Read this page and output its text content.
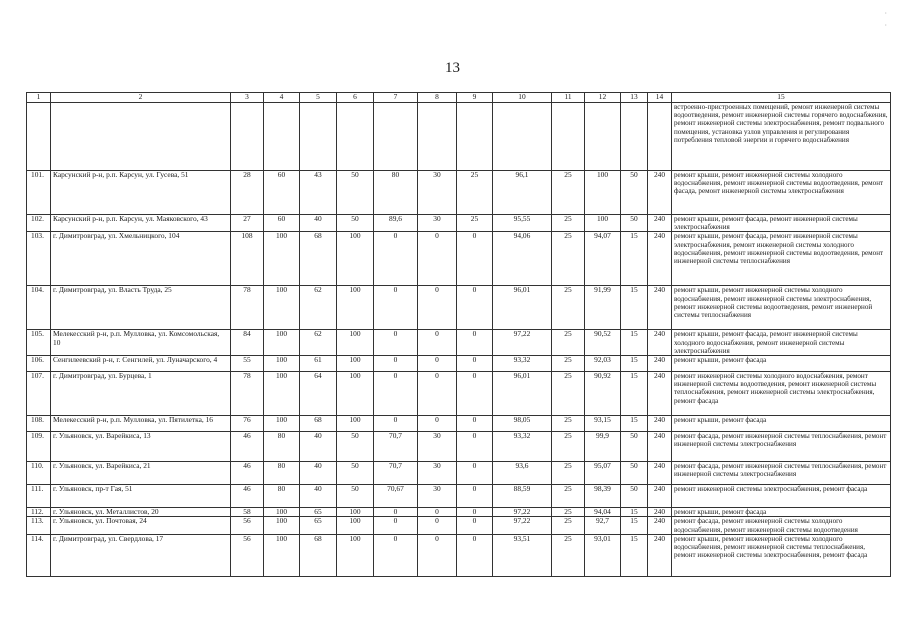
13
1	2	3	4	5	6	7	8	9	10	11	12	13	14	15
														встроенно-пристроенных помещений, ремонт инженерной системы водоотведения, ремонт инженерной системы горячего водоснабжения, ремонт инженерной системы электроснабжения, ремонт подвального помещения, установка узлов управления и регулирования потребления тепловой энергии и горячего водоснабжения
101.	Карсунский р-н, р.п. Карсун, ул. Гусева, 51	28	60	43	50	80	30	25	96,1	25	100	50	240	ремонт крыши, ремонт инженерной системы холодного водоснабжения, ремонт инженерной системы водоотведения, ремонт фасада, ремонт инженерной системы электроснабжения
102.	Карсунский р-н, р.п. Карсун, ул. Маяковского, 43	27	60	40	50	89,6	30	25	95,55	25	100	50	240	ремонт крыши, ремонт фасада, ремонт инженерной системы электроснабжения
103.	г. Димитровград, ул. Хмельницкого, 104	108	100	68	100	0	0	0	94,06	25	94,07	15	240	ремонт крыши, ремонт фасада, ремонт инженерной системы электроснабжения, ремонт инженерной системы холодного водоснабжения, ремонт инженерной системы водоотведения, ремонт инженерной системы теплоснабжения
104.	г. Димитровград, ул. Власть Труда, 25	78	100	62	100	0	0	0	96,01	25	91,99	15	240	ремонт крыши, ремонт инженерной системы холодного водоснабжения, ремонт инженерной системы электроснабжения, ремонт инженерной системы водоотведения, ремонт инженерной системы теплоснабжения
105.	Мелекесский р-н, р.п. Мулловка, ул. Комсомольская, 10	84	100	62	100	0	0	0	97,22	25	90,52	15	240	ремонт крыши, ремонт фасада, ремонт инженерной системы холодного водоснабжения, ремонт инженерной системы электроснабжения
106.	Сенгилеевский р-н, г. Сенгилей, ул. Луначарского, 4	55	100	61	100	0	0	0	93,32	25	92,03	15	240	ремонт крыши, ремонт фасада
107.	г. Димитровград, ул. Бурцева, 1	78	100	64	100	0	0	0	96,01	25	90,92	15	240	ремонт инженерной системы холодного водоснабжения, ремонт инженерной системы водоотведения, ремонт инженерной системы теплоснабжения, ремонт инженерной системы электроснабжения, ремонт фасада
108.	Мелекесский р-н, р.п. Мулловка, ул. Пятилетка, 16	76	100	68	100	0	0	0	98,05	25	93,15	15	240	ремонт крыши, ремонт фасада
109.	г. Ульяновск, ул. Варейкиса, 13	46	80	40	50	70,7	30	0	93,32	25	99,9	50	240	ремонт фасада, ремонт инженерной системы теплоснабжения, ремонт инженерной системы электроснабжения
110.	г. Ульяновск, ул. Варейкиса, 21	46	80	40	50	70,7	30	0	93,6	25	95,07	50	240	ремонт фасада, ремонт инженерной системы теплоснабжения, ремонт инженерной системы электроснабжения
111.	г. Ульяновск, пр-т Гая, 51	46	80	40	50	70,67	30	0	88,59	25	98,39	50	240	ремонт инженерной системы электроснабжения, ремонт фасада
112.	г. Ульяновск, ул. Металлистов, 20	58	100	65	100	0	0	0	97,22	25	94,04	15	240	ремонт крыши, ремонт фасада
113.	г. Ульяновск, ул. Почтовая, 24	56	100	65	100	0	0	0	97,22	25	92,7	15	240	ремонт фасада, ремонт инженерной системы холодного водоснабжения, ремонт инженерной системы водоотведения
114.	г. Димитровград, ул. Свердлова, 17	56	100	68	100	0	0	0	93,51	25	93,01	15	240	ремонт крыши, ремонт инженерной системы холодного водоснабжения, ремонт инженерной системы теплоснабжения, ремонт инженерной системы электроснабжения, ремонт фасада
·
·
